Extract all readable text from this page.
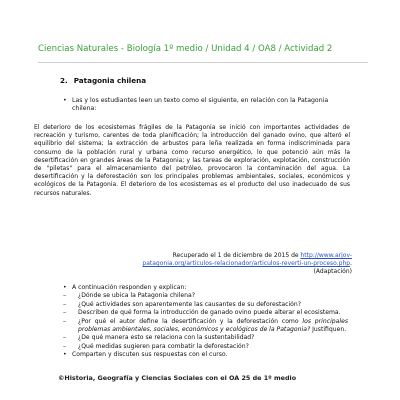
Ciencias Naturales - Biología 1º medio / Unidad 4 / OA8 / Actividad 2
2. Patagonia chilena
• Las y los estudiantes leen un texto como el siguiente, en relación con la Patagonia chilena:
El deterioro de los ecosistemas frágiles de la Patagonia se inició con importantes actividades de recreación y turismo, carentes de toda planificación; la introducción del ganado ovino, que alteró el equilibrio del sistema; la extracción de arbustos para leña realizada en forma indiscriminada para consumo de la población rural y urbana como recurso energético, lo que potenció aún más la desertificación en grandes áreas de la Patagonia; y las tareas de exploración, explotación, construcción de "piletas" para el almacenamiento del petróleo, provocaron la contaminación del agua. La desertificación y la deforestación son los principales problemas ambientales, sociales, económicos y ecológicos de la Patagonia. El deterioro de los ecosistemas es el producto del uso inadecuado de sus recursos naturales.
Recuperado el 1 de diciembre de 2015 de http://www.arjov-
patagonia.org/articulos-relacionador/articulos-reverti-un-proceso.php.
(Adaptación)
• A continuación responden y explican:
– ¿Dónde se ubica la Patagonia chilena?
– ¿Qué actividades son aparentemente las causantes de su deforestación?
– Describen de qué forma la introducción de ganado ovino puede alterar el ecosistema.
– ¿Por qué el autor define la desertificación y la deforestación como los principales problemas ambientales, sociales, económicos y ecológicos de la Patagonia? Justifiquen.
– ¿De qué manera esto se relaciona con la sustentabilidad?
– ¿Qué medidas sugieren para combatir la deforestación?
• Comparten y discuten sus respuestas con el curso.
©Historia, Geografía y Ciencias Sociales con el OA 25 de 1º medio
